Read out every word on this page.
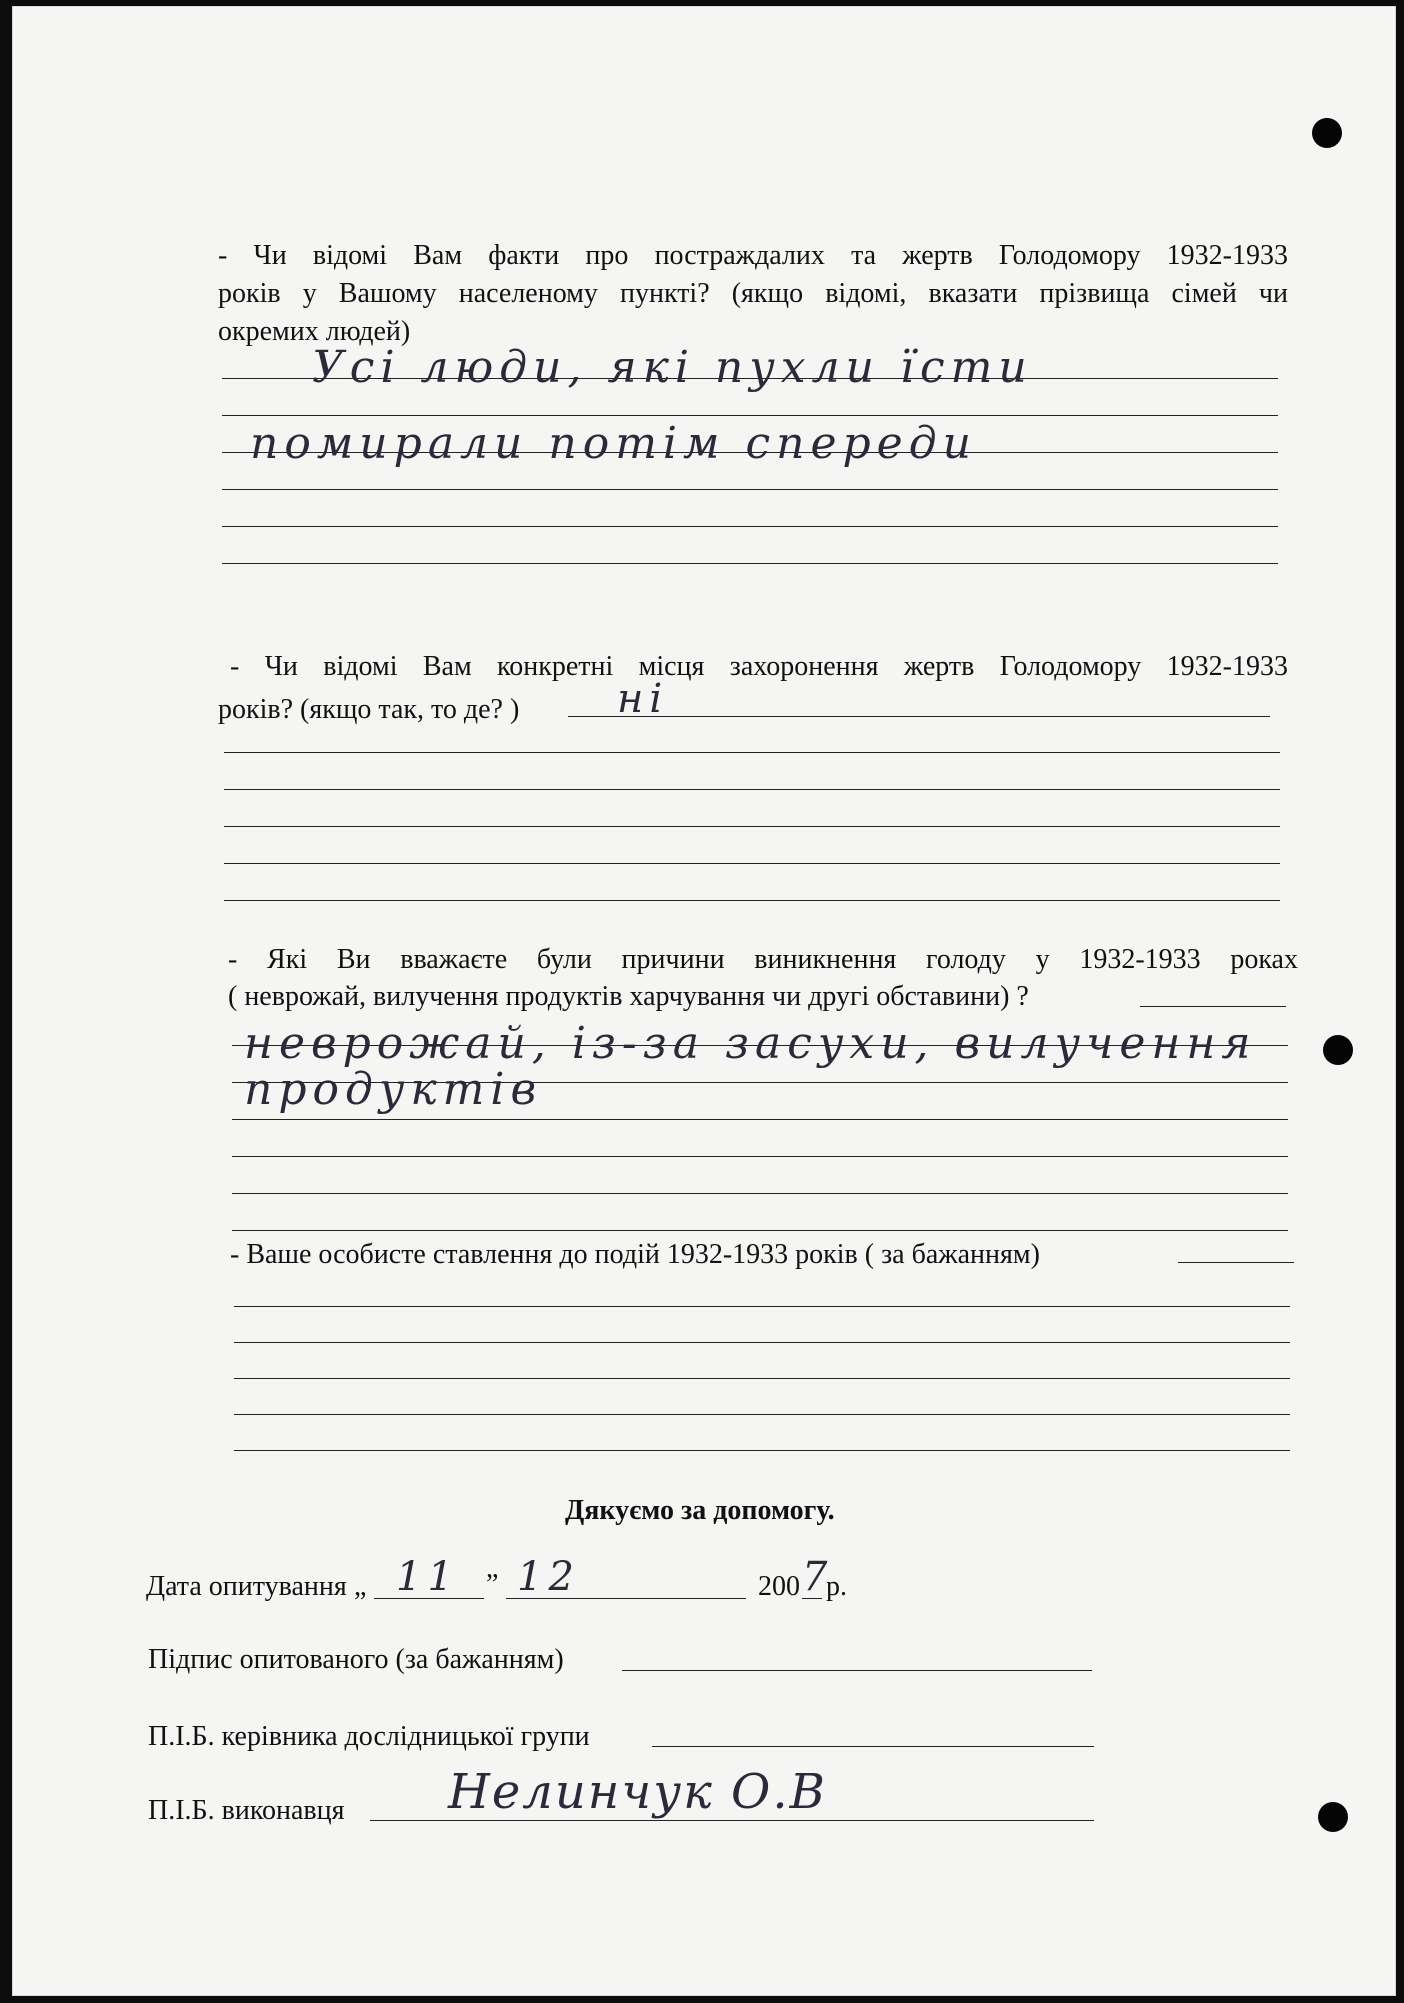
- Чи відомі Вам факти про постраждалих та жертв Голодомору 1932-1933
років у Вашому населеному пункті? (якщо відомі, вказати прізвища сімей чи
окремих людей)
Усі люди, які пухли їсти
помирали потім спереди
- Чи відомі Вам конкретні місця захоронення жертв Голодомору 1932-1933
років? (якщо так, то де? ) ні
- Які Ви вважаєте були причини виникнення голоду у 1932-1933 роках
( неврожай, вилучення продуктів харчування чи другі обставини) ?
неврожай, із-за засухи, вилучення
продуктів
- Ваше особисте ставлення до подій 1932-1933 років ( за бажанням)
Дякуємо за допомогу.
Дата опитування „ 11 ” 12	200 7
р.
Підпис опитованого (за бажанням)
П.І.Б. керівника дослідницької групи
П.І.Б. виконавця Нелинчук О.В
